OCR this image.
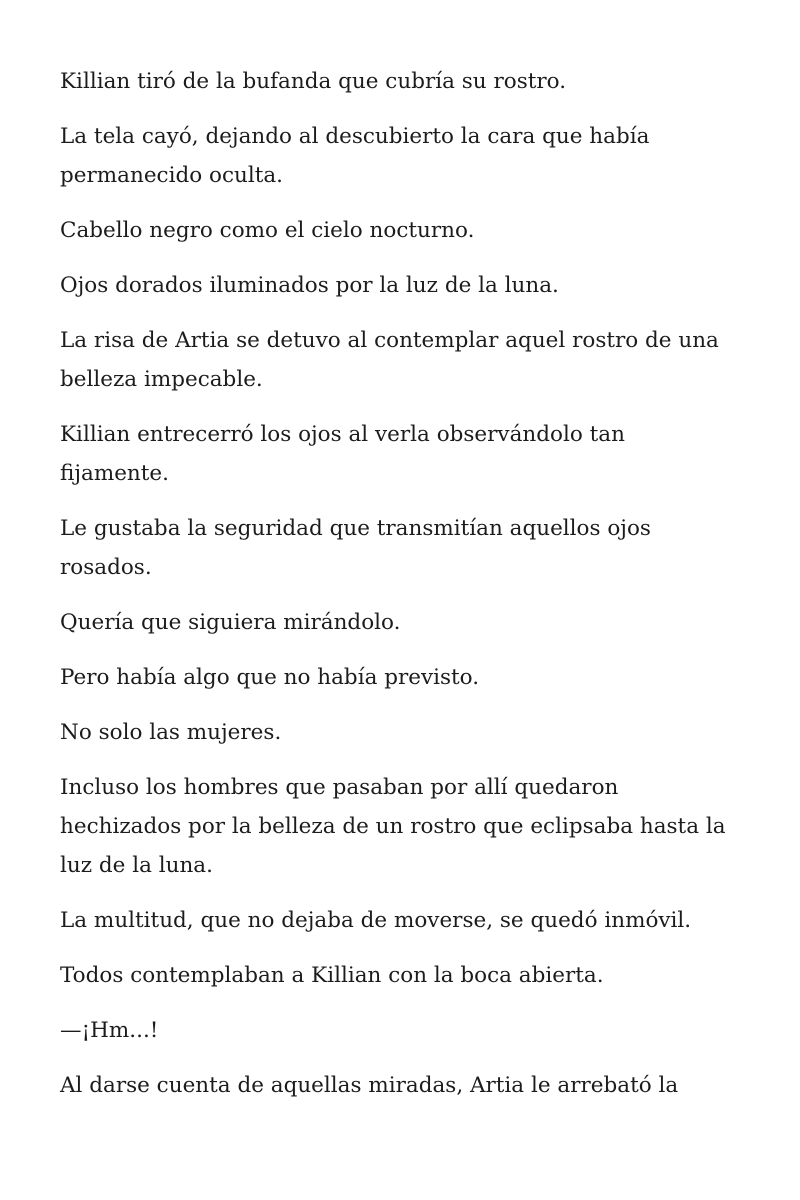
Killian tiró de la bufanda que cubría su rostro.

La tela cayó, dejando al descubierto la cara que había permanecido oculta.

Cabello negro como el cielo nocturno.

Ojos dorados iluminados por la luz de la luna.

La risa de Artia se detuvo al contemplar aquel rostro de una belleza impecable.

Killian entrecerró los ojos al verla observándolo tan fijamente.

Le gustaba la seguridad que transmitían aquellos ojos rosados.

Quería que siguiera mirándolo.

Pero había algo que no había previsto.

No solo las mujeres.

Incluso los hombres que pasaban por allí quedaron hechizados por la belleza de un rostro que eclipsaba hasta la luz de la luna.

La multitud, que no dejaba de moverse, se quedó inmóvil.

Todos contemplaban a Killian con la boca abierta.

—¡Hm...!

Al darse cuenta de aquellas miradas, Artia le arrebató la
